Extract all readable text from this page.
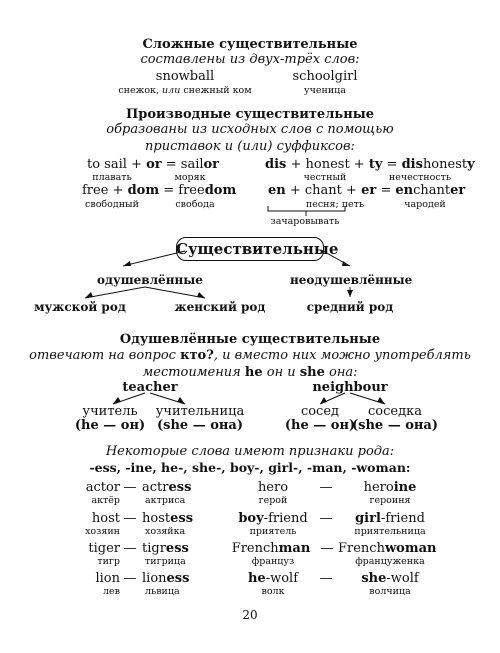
Сложные существительные
составлены из двух-трёх слов:
snowball
снежок, или снежный ком
schoolgirl
ученица
Производные существительные
образованы из исходных слов с помощью
приставок и (или) суффиксов:
to sail + or = sailor
плавать	моряк
dis + honest + ty = dishonesty
честный	нечестность
free + dom = freedom
свободный	свобода
en + chant + er = enchanter
песня; петь	чародей
зачаровывать
Существительные
одушевлённые	неодушевлённые
мужской род	женский род	средний род
Одушевлённые существительные
отвечают на вопрос кто?, и вместо них можно употреблять
местоимения he он и she она:
teacher
учитель	учительница
(he — он) (she — она)
neighbour
сосед	соседка
(he — он)
(she — она)
Некоторые слова имеют признаки рода:
-ess, -ine, he-, she-, boy-, girl-, -man, -woman:
actor — actress
актёр	актриса
host — hostess
хозяин	хозяйка
tiger — tigress
тигр	тигрица
lion — lioness
лев	львица
hero	—	heroine
герой	героиня
boy-friend —	girl-friend
приятель	приятельница
Frenchman — Frenchwoman
француз	француженка
he-wolf	—	she-wolf
волк	волчица
20
